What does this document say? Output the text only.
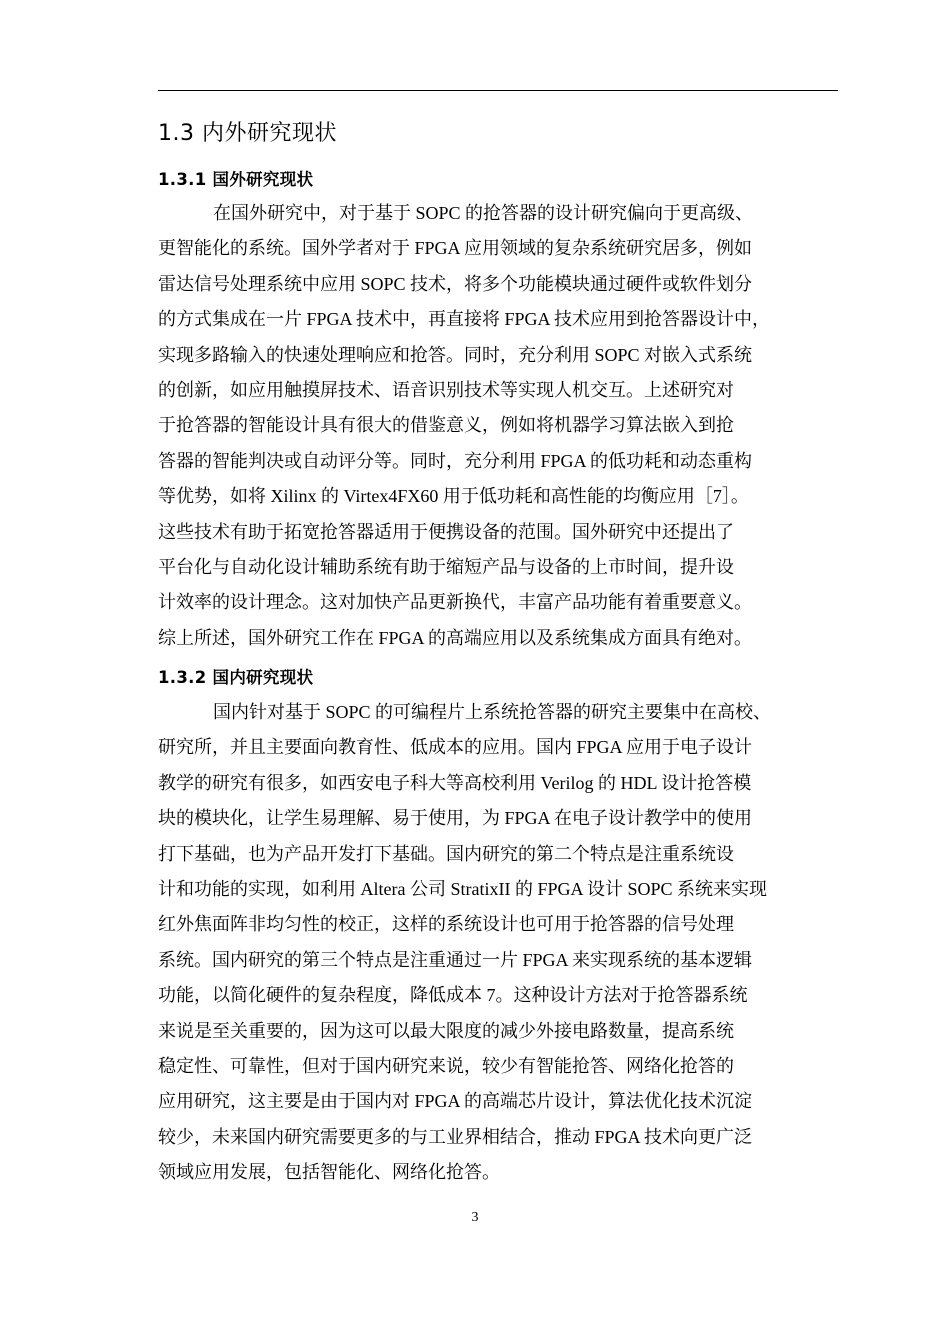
1.3 内外研究现状
1.3.1 国外研究现状
在国外研究中，对于基于 SOPC 的抢答器的设计研究偏向于更高级、
更智能化的系统。国外学者对于 FPGA 应用领域的复杂系统研究居多，例如
雷达信号处理系统中应用 SOPC 技术，将多个功能模块通过硬件或软件划分
的方式集成在一片 FPGA 技术中，再直接将 FPGA 技术应用到抢答器设计中，
实现多路输入的快速处理响应和抢答。同时，充分利用 SOPC 对嵌入式系统
的创新，如应用触摸屏技术、语音识别技术等实现人机交互。上述研究对
于抢答器的智能设计具有很大的借鉴意义，例如将机器学习算法嵌入到抢
答器的智能判决或自动评分等。同时，充分利用 FPGA 的低功耗和动态重构
等优势，如将 Xilinx 的 Virtex4FX60 用于低功耗和高性能的均衡应用［7］。
这些技术有助于拓宽抢答器适用于便携设备的范围。国外研究中还提出了
平台化与自动化设计辅助系统有助于缩短产品与设备的上市时间，提升设
计效率的设计理念。这对加快产品更新换代，丰富产品功能有着重要意义。
综上所述，国外研究工作在 FPGA 的高端应用以及系统集成方面具有绝对。
1.3.2 国内研究现状
国内针对基于 SOPC 的可编程片上系统抢答器的研究主要集中在高校、
研究所，并且主要面向教育性、低成本的应用。国内 FPGA 应用于电子设计
教学的研究有很多，如西安电子科大等高校利用 Verilog 的 HDL 设计抢答模
块的模块化，让学生易理解、易于使用，为 FPGA 在电子设计教学中的使用
打下基础，也为产品开发打下基础。国内研究的第二个特点是注重系统设
计和功能的实现，如利用 Altera 公司 StratixII 的 FPGA 设计 SOPC 系统来实现
红外焦面阵非均匀性的校正，这样的系统设计也可用于抢答器的信号处理
系统。国内研究的第三个特点是注重通过一片 FPGA 来实现系统的基本逻辑
功能，以简化硬件的复杂程度，降低成本 7。这种设计方法对于抢答器系统
来说是至关重要的，因为这可以最大限度的减少外接电路数量，提高系统
稳定性、可靠性，但对于国内研究来说，较少有智能抢答、网络化抢答的
应用研究，这主要是由于国内对 FPGA 的高端芯片设计，算法优化技术沉淀
较少，未来国内研究需要更多的与工业界相结合，推动 FPGA 技术向更广泛
领域应用发展，包括智能化、网络化抢答。
3
